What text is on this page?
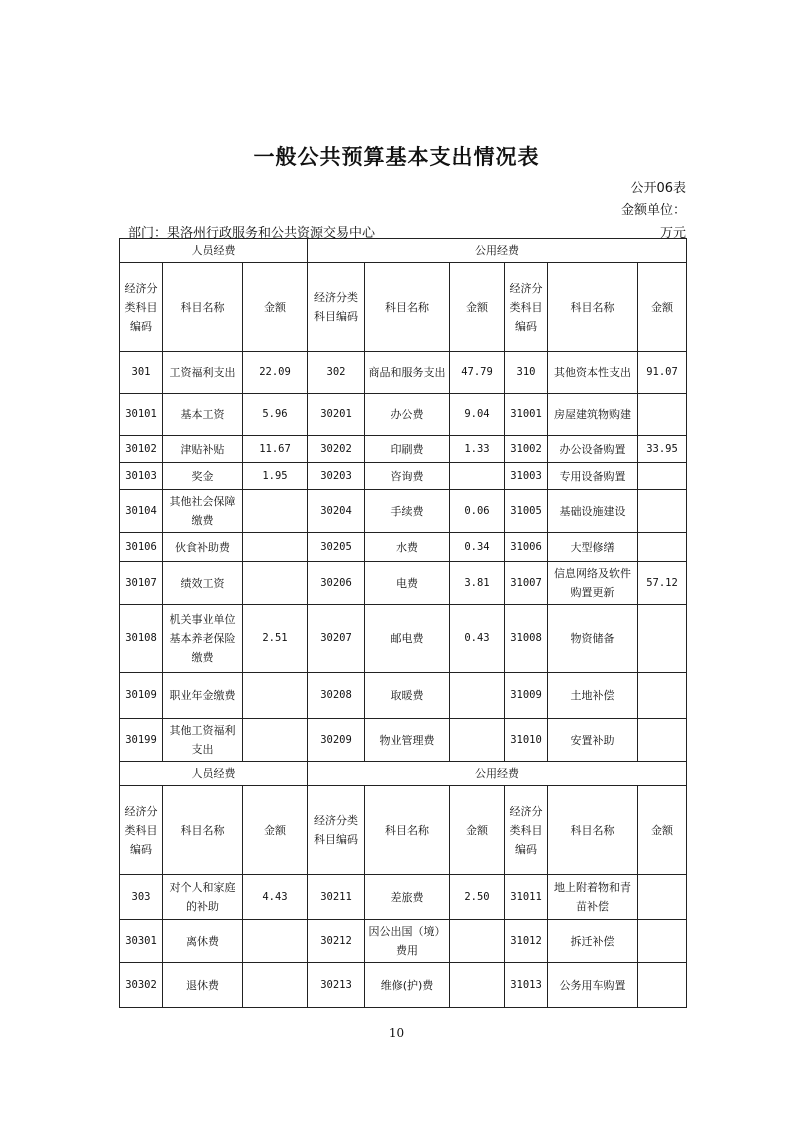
一般公共预算基本支出情况表
公开06表
金额单位：
部门：果洛州行政服务和公共资源交易中心	万元
人员经费			公用经费					
经济分类科目编码	科目名称	金额	经济分类科目编码	科目名称	金额	经济分类科目编码	科目名称	金额
301	工资福利支出	22.09	302	商品和服务支出	47.79	310	其他资本性支出	91.07
30101	基本工资	5.96	30201	办公费	9.04	31001	房屋建筑物购建	
30102	津贴补贴	11.67	30202	印刷费	1.33	31002	办公设备购置	33.95
30103	奖金	1.95	30203	咨询费		31003	专用设备购置	
30104	其他社会保障缴费		30204	手续费	0.06	31005	基础设施建设	
30106	伙食补助费		30205	水费	0.34	31006	大型修缮	
30107	绩效工资		30206	电费	3.81	31007	信息网络及软件购置更新	57.12
30108	机关事业单位基本养老保险缴费	2.51	30207	邮电费	0.43	31008	物资储备	
30109	职业年金缴费		30208	取暖费		31009	土地补偿	
30199	其他工资福利支出		30209	物业管理费		31010	安置补助	
人员经费			公用经费					
经济分类科目编码	科目名称	金额	经济分类科目编码	科目名称	金额	经济分类科目编码	科目名称	金额
303	对个人和家庭的补助	4.43	30211	差旅费	2.50	31011	地上附着物和青苗补偿	
30301	离休费		30212	因公出国（境）费用		31012	拆迁补偿	
30302	退休费		30213	维修(护)费		31013	公务用车购置	
10
